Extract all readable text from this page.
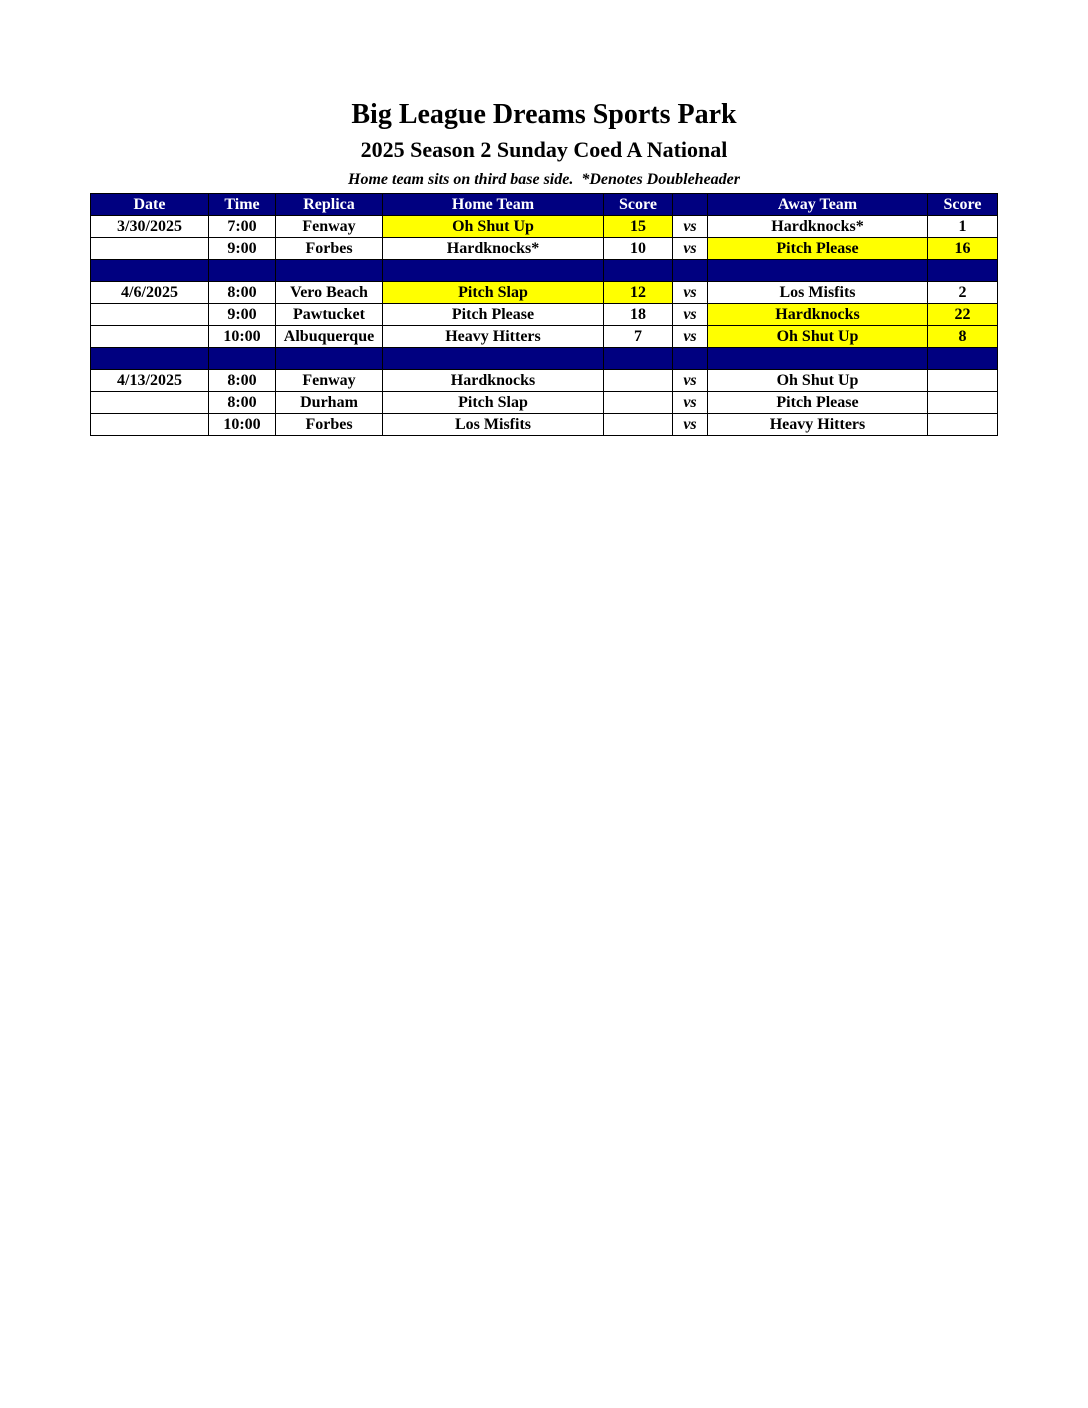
Big League Dreams Sports Park
2025 Season 2 Sunday Coed A National
Home team sits on third base side. *Denotes Doubleheader
Date	Time	Replica	Home Team	Score		Away Team	Score
3/30/2025	7:00	Fenway	Oh Shut Up	15	vs	Hardknocks*	1
	9:00	Forbes	Hardknocks*	10	vs	Pitch Please	16

4/6/2025	8:00	Vero Beach	Pitch Slap	12	vs	Los Misfits	2
	9:00	Pawtucket	Pitch Please	18	vs	Hardknocks	22
	10:00	Albuquerque	Heavy Hitters	7	vs	Oh Shut Up	8

4/13/2025	8:00	Fenway	Hardknocks		vs	Oh Shut Up	
	8:00	Durham	Pitch Slap		vs	Pitch Please	
	10:00	Forbes	Los Misfits		vs	Heavy Hitters	
